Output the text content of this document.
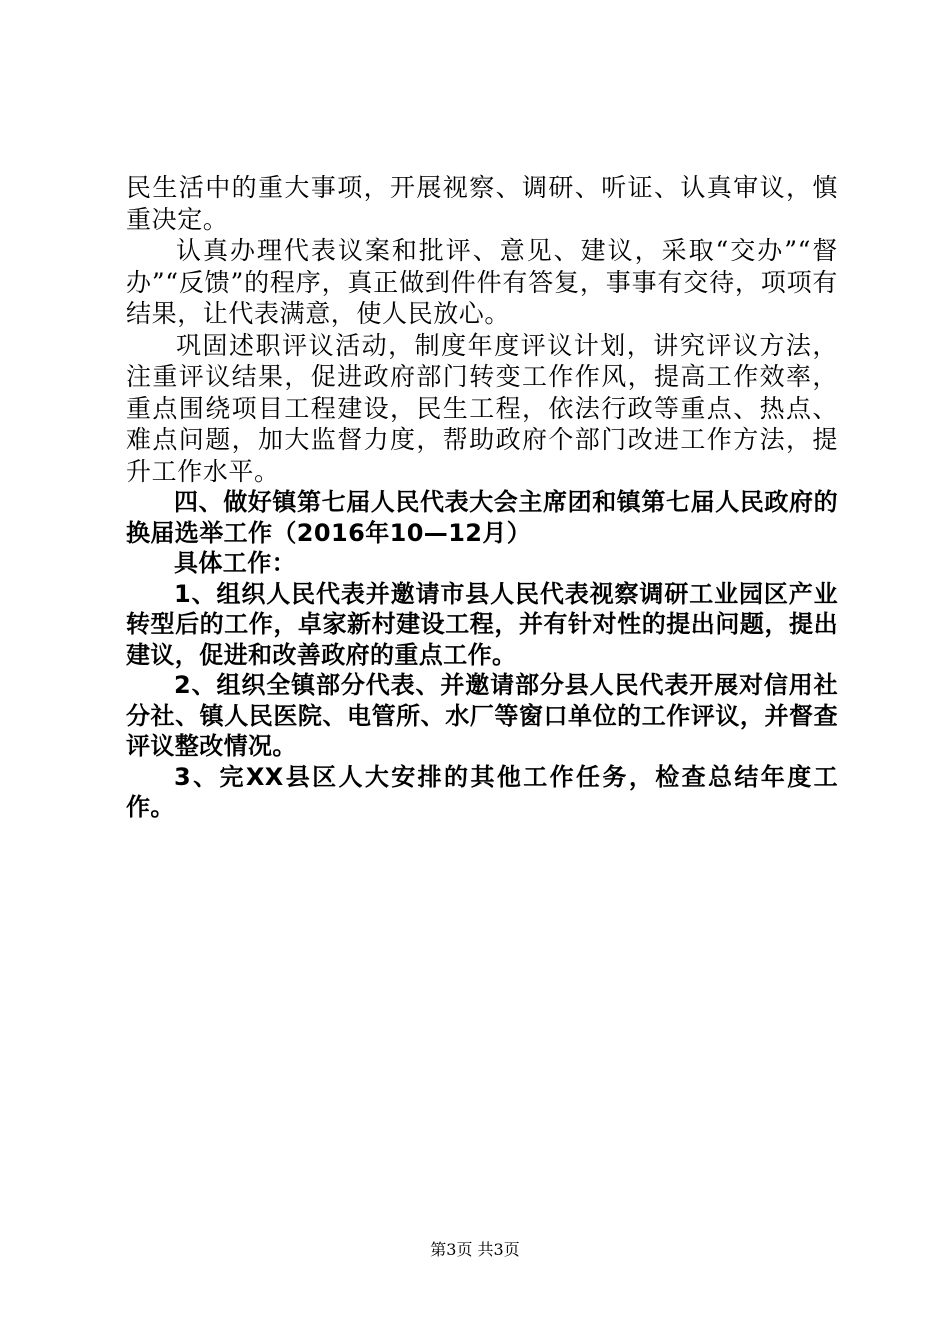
民生活中的重大事项，开展视察、调研、听证、认真审议，慎重决定。

认真办理代表议案和批评、意见、建议，采取“交办”“督办”“反馈”的程序，真正做到件件有答复，事事有交待，项项有结果，让代表满意，使人民放心。

巩固述职评议活动，制度年度评议计划，讲究评议方法，注重评议结果，促进政府部门转变工作作风，提高工作效率，重点围绕项目工程建设，民生工程，依法行政等重点、热点、难点问题，加大监督力度，帮助政府个部门改进工作方法，提升工作水平。

四、做好镇第七届人民代表大会主席团和镇第七届人民政府的换届选举工作（2016年10—12月）

具体工作：

1、组织人民代表并邀请市县人民代表视察调研工业园区产业转型后的工作，卓家新村建设工程，并有针对性的提出问题，提出建议，促进和改善政府的重点工作。

2、组织全镇部分代表、并邀请部分县人民代表开展对信用社分社、镇人民医院、电管所、水厂等窗口单位的工作评议，并督查评议整改情况。

3、完XX县区人大安排的其他工作任务，检查总结年度工作。

第3页 共3页
